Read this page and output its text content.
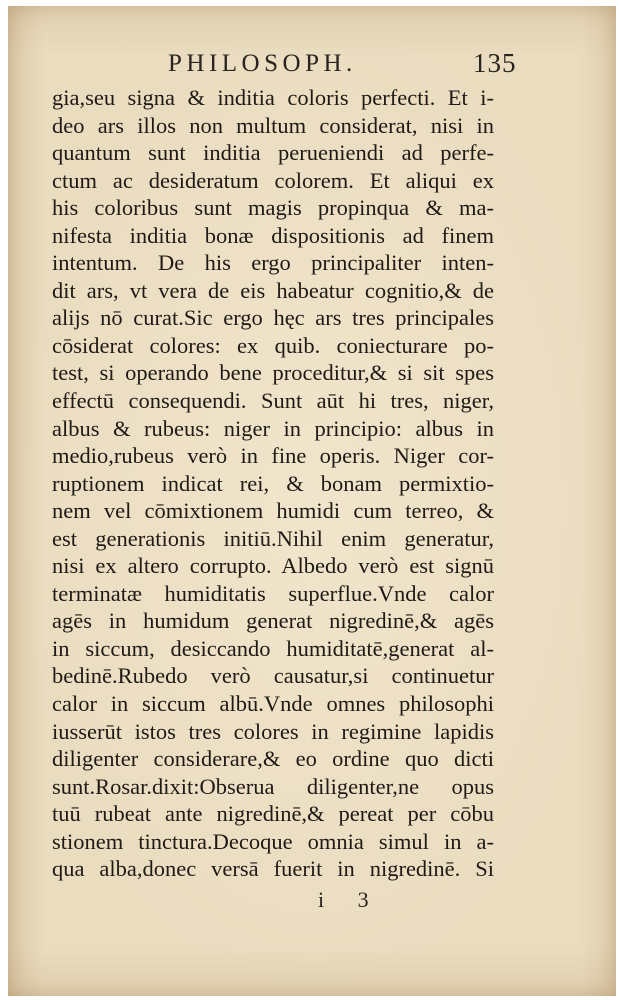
PHILOSOPH.	135
gia,seu signa & inditia coloris perfecti. Et i-
deo ars illos non multum considerat, nisi in
quantum sunt inditia perueniendi ad perfe-
ctum ac desideratum colorem. Et aliqui ex
his coloribus sunt magis propinqua & ma-
nifesta inditia bonæ dispositionis ad finem
intentum. De his ergo principaliter inten-
dit ars, vt vera de eis habeatur cognitio,& de
alijs nō curat.Sic ergo hęc ars tres principales
cōsiderat colores: ex quib. coniecturare po-
test, si operando bene proceditur,& si sit spes
effectū consequendi. Sunt aūt hi tres, niger,
albus & rubeus: niger in principio: albus in
medio,rubeus verò in fine operis. Niger cor-
ruptionem indicat rei, & bonam permixtio-
nem vel cōmixtionem humidi cum terreo, &
est generationis initiū.Nihil enim generatur,
nisi ex altero corrupto. Albedo verò est signū
terminatæ humiditatis superflue.Vnde calor
agēs in humidum generat nigredinē,& agēs
in siccum, desiccando humiditatē,generat al-
bedinē.Rubedo verò causatur,si continuetur
calor in siccum albū.Vnde omnes philosophi
iusserūt istos tres colores in regimine lapidis
diligenter considerare,& eo ordine quo dicti
sunt.Rosar.dixit:Obserua diligenter,ne opus
tuū rubeat ante nigredinē,& pereat per cōbu
stionem tinctura.Decoque omnia simul in a-
qua alba,donec versā fuerit in nigredinē. Si
i 3
